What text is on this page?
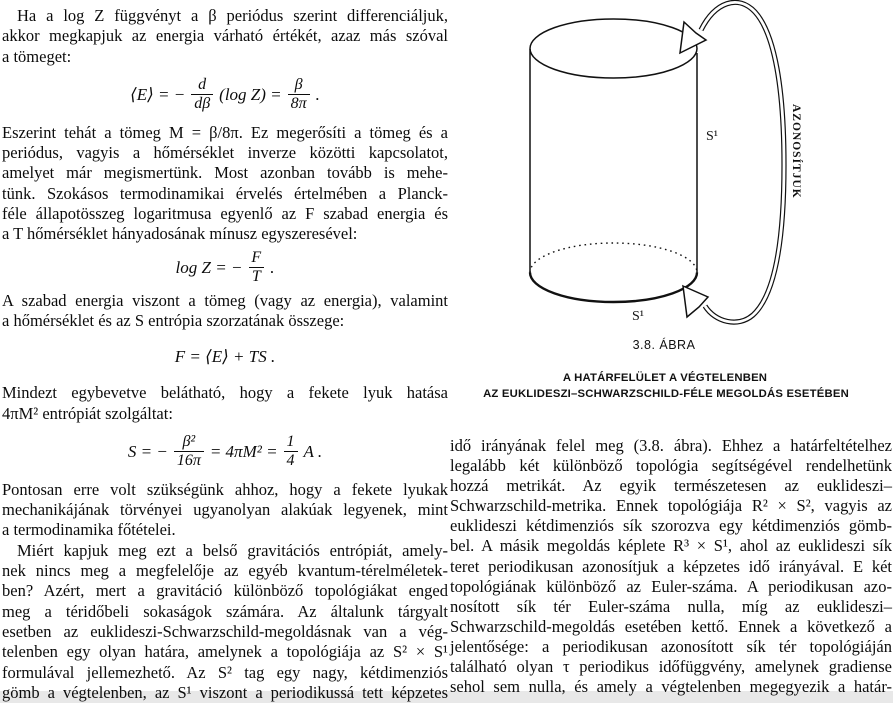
Ha a log Z függvényt a β periódus szerint differenciáljuk,
akkor megkapjuk az energia várható értékét, azaz más szóval
a tömeget:
⟨E⟩ = − $\frac{d}{d\beta} (\log$ $Z) = \frac{\beta}{8\pi}$ .
Eszerint tehát a tömeg M = β/8π. Ez megerősíti a tömeg és a
periódus, vagyis a hőmérséklet inverze közötti kapcsolatot,
amelyet már megismertünk. Most azonban tovább is mehe-
tünk. Szokásos termodinamikai érvelés értelmében a Planck-
féle állapotösszeg logaritmusa egyenlő az F szabad energia és
a T hőmérséklet hányadosának mínusz egyszeresével:
log Z = − $\frac{F}{T}$ .
A szabad energia viszont a tömeg (vagy az energia), valamint
a hőmérséklet és az S entrópia szorzatának összege:
F = ⟨E⟩ + TS .
Mindezt egybevetve belátható, hogy a fekete lyuk hatása
4πM² entrópiát szolgáltat:
S = − $\frac{\text{β²}}{16\pi} = 4\pi M^2 = \frac{1}{4}$ A .
Pontosan erre volt szükségünk ahhoz, hogy a fekete lyukak
mechanikájának törvényei ugyanolyan alakúak legyenek, mint
a termodinamika főtételei.
Miért kapjuk meg ezt a belső gravitációs entrópiát, amely-
nek nincs meg a megfelelője az egyéb kvantum-térelméletek-
ben? Azért, mert a gravitáció különböző topológiákat enged
meg a téridőbeli sokaságok számára. Az általunk tárgyalt
esetben az euklideszi-Schwarzschild-megoldásnak van a vég-
telenben egy olyan határa, amelynek a topológiája az S² × S¹
formulával jellemezhető. Az S² tag egy nagy, kétdimenziós
gömb a végtelenben, az S¹ viszont a periodikussá tett képzetes
S¹
S¹
AZONOSÍTJUK
3.8. ÁBRA
A HATÁRFELÜLET A VÉGTELENBEN
AZ EUKLIDESZI–SCHWARZSCHILD-FÉLE MEGOLDÁS ESETÉBEN
idő irányának felel meg (3.8. ábra). Ehhez a határfeltételhez
legalább két különböző topológia segítségével rendelhetünk
hozzá metrikát. Az egyik természetesen az euklideszi–
Schwarzschild-metrika. Ennek topológiája R² × S², vagyis az
euklideszi kétdimenziós sík szorozva egy kétdimenziós gömb-
bel. A másik megoldás képlete R³ × S¹, ahol az euklideszi sík
teret periodikusan azonosítjuk a képzetes idő irányával. E két
topológiának különböző az Euler-száma. A periodikusan azo-
nosított sík tér Euler-száma nulla, míg az euklideszi–
Schwarzschild-megoldás esetében kettő. Ennek a következő a
jelentősége: a periodikusan azonosított sík tér topológiáján
található olyan τ periodikus időfüggvény, amelynek gradiense
sehol sem nulla, és amely a végtelenben megegyezik a határ-
